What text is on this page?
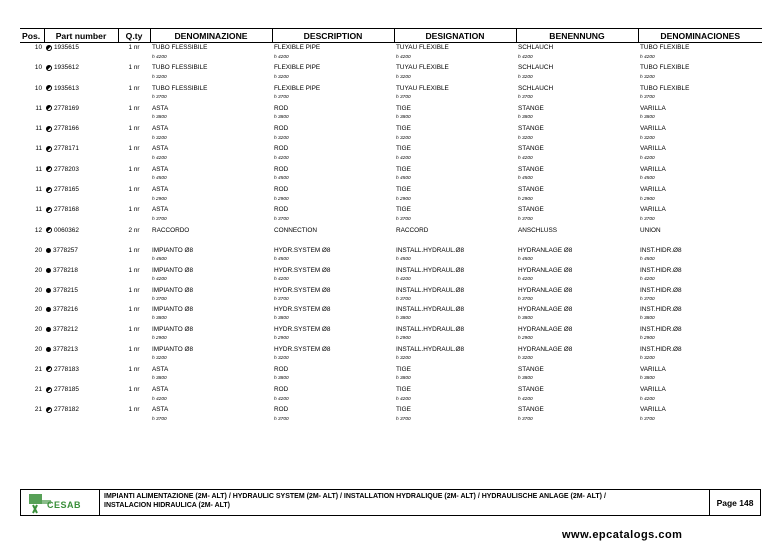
Pos.	Part number	Q.ty	DENOMINAZIONE	DESCRIPTION	DESIGNATION	BENENNUNG	DENOMINACIONES
10	1935615	1 nr	TUBO FLESSIBILE	FLEXIBLE PIPE	TUYAU FLEXIBLE	SCHLAUCH	TUBO FLEXIBLE
			h 4200	h 4200	h 4200	h 4200	h 4200
10	1935612	1 nr	TUBO FLESSIBILE	FLEXIBLE PIPE	TUYAU FLEXIBLE	SCHLAUCH	TUBO FLEXIBLE
			h 3200	h 3200	h 3200	h 3200	h 3200
10	1935613	1 nr	TUBO FLESSIBILE	FLEXIBLE PIPE	TUYAU FLEXIBLE	SCHLAUCH	TUBO FLEXIBLE
			h 3700	h 3700	h 3700	h 3700	h 3700
11	2778169	1 nr	ASTA	ROD	TIGE	STANGE	VARILLA
			h 3800	h 3800	h 3800	h 3800	h 3800
11	2778166	1 nr	ASTA	ROD	TIGE	STANGE	VARILLA
			h 3200	h 3200	h 3200	h 3200	h 3200
11	2778171	1 nr	ASTA	ROD	TIGE	STANGE	VARILLA
			h 4200	h 4200	h 4200	h 4200	h 4200
11	2778203	1 nr	ASTA	ROD	TIGE	STANGE	VARILLA
			h 4500	h 4500	h 4500	h 4500	h 4500
11	2778165	1 nr	ASTA	ROD	TIGE	STANGE	VARILLA
			h 2900	h 2900	h 2900	h 2900	h 2900
11	2778168	1 nr	ASTA	ROD	TIGE	STANGE	VARILLA
			h 3700	h 3700	h 3700	h 3700	h 3700
12	0060362	2 nr	RACCORDO	CONNECTION	RACCORD	ANSCHLUSS	UNION

20	3778257	1 nr	IMPIANTO Ø8	HYDR.SYSTEM Ø8	INSTALL.HYDRAUL.Ø8	HYDRANLAGE Ø8	INST.HIDR.Ø8
			h 4500	h 4500	h 4500	h 4500	h 4500
20	3778218	1 nr	IMPIANTO Ø8	HYDR.SYSTEM Ø8	INSTALL.HYDRAUL.Ø8	HYDRANLAGE Ø8	INST.HIDR.Ø8
			h 4200	h 4200	h 4200	h 4200	h 4200
20	3778215	1 nr	IMPIANTO Ø8	HYDR.SYSTEM Ø8	INSTALL.HYDRAUL.Ø8	HYDRANLAGE Ø8	INST.HIDR.Ø8
			h 3700	h 3700	h 3700	h 3700	h 3700
20	3778216	1 nr	IMPIANTO Ø8	HYDR.SYSTEM Ø8	INSTALL.HYDRAUL.Ø8	HYDRANLAGE Ø8	INST.HIDR.Ø8
			h 3800	h 3800	h 3800	h 3800	h 3800
20	3778212	1 nr	IMPIANTO Ø8	HYDR.SYSTEM Ø8	INSTALL.HYDRAUL.Ø8	HYDRANLAGE Ø8	INST.HIDR.Ø8
			h 2900	h 2900	h 2900	h 2900	h 2900
20	3778213	1 nr	IMPIANTO Ø8	HYDR.SYSTEM Ø8	INSTALL.HYDRAUL.Ø8	HYDRANLAGE Ø8	INST.HIDR.Ø8
			h 3200	h 3200	h 3200	h 3200	h 3200
21	2778183	1 nr	ASTA	ROD	TIGE	STANGE	VARILLA
			h 3800	h 3800	h 3800	h 3800	h 3800
21	2778185	1 nr	ASTA	ROD	TIGE	STANGE	VARILLA
			h 4200	h 4200	h 4200	h 4200	h 4200
21	2778182	1 nr	ASTA	ROD	TIGE	STANGE	VARILLA
			h 3700	h 3700	h 3700	h 3700	h 3700
CESAB
IMPIANTI ALIMENTAZIONE (2M- ALT) / HYDRAULIC SYSTEM (2M- ALT) / INSTALLATION HYDRALIQUE (2M- ALT) / HYDRAULISCHE ANLAGE (2M- ALT) /
INSTALACION HIDRAULICA (2M- ALT)	Page 148
www.epcatalogs.com
